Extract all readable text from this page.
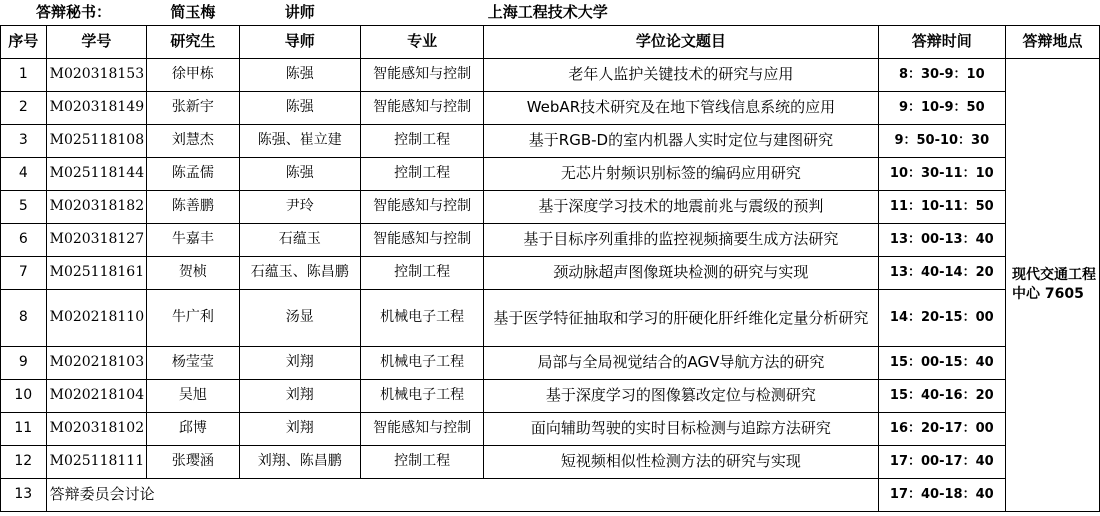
答辩秘书：		简玉梅	讲师		上海工程技术大学		
序号	学号	研究生	导师	专业	学位论文题目	答辩时间	答辩地点
1	M020318153	徐甲栋	陈强	智能感知与控制	老年人监护关键技术的研究与应用	8：30-9：10	现代交通工程中心 7605
2	M020318149	张新宇	陈强	智能感知与控制	WebAR技术研究及在地下管线信息系统的应用	9：10-9：50	
3	M025118108	刘慧杰	陈强、崔立建	控制工程	基于RGB-D的室内机器人实时定位与建图研究	9：50-10：30	
4	M025118144	陈孟儒	陈强	控制工程	无芯片射频识别标签的编码应用研究	10：30-11：10	
5	M020318182	陈善鹏	尹玲	智能感知与控制	基于深度学习技术的地震前兆与震级的预判	11：10-11：50	
6	M020318127	牛嘉丰	石蕴玉	智能感知与控制	基于目标序列重排的监控视频摘要生成方法研究	13：00-13：40	
7	M025118161	贺桢	石蕴玉、陈昌鹏	控制工程	颈动脉超声图像斑块检测的研究与实现	13：40-14：20	
8	M020218110	牛广利	汤显	机械电子工程	基于医学特征抽取和学习的肝硬化肝纤维化定量分析研究	14：20-15：00	
9	M020218103	杨莹莹	刘翔	机械电子工程	局部与全局视觉结合的AGV导航方法的研究	15：00-15：40	
10	M020218104	吴旭	刘翔	机械电子工程	基于深度学习的图像篡改定位与检测研究	15：40-16：20	
11	M020318102	邱博	刘翔	智能感知与控制	面向辅助驾驶的实时目标检测与追踪方法研究	16：20-17：00	
12	M025118111	张璎涵	刘翔、陈昌鹏	控制工程	短视频相似性检测方法的研究与实现	17：00-17：40	
13	答辩委员会讨论					17：40-18：40	
